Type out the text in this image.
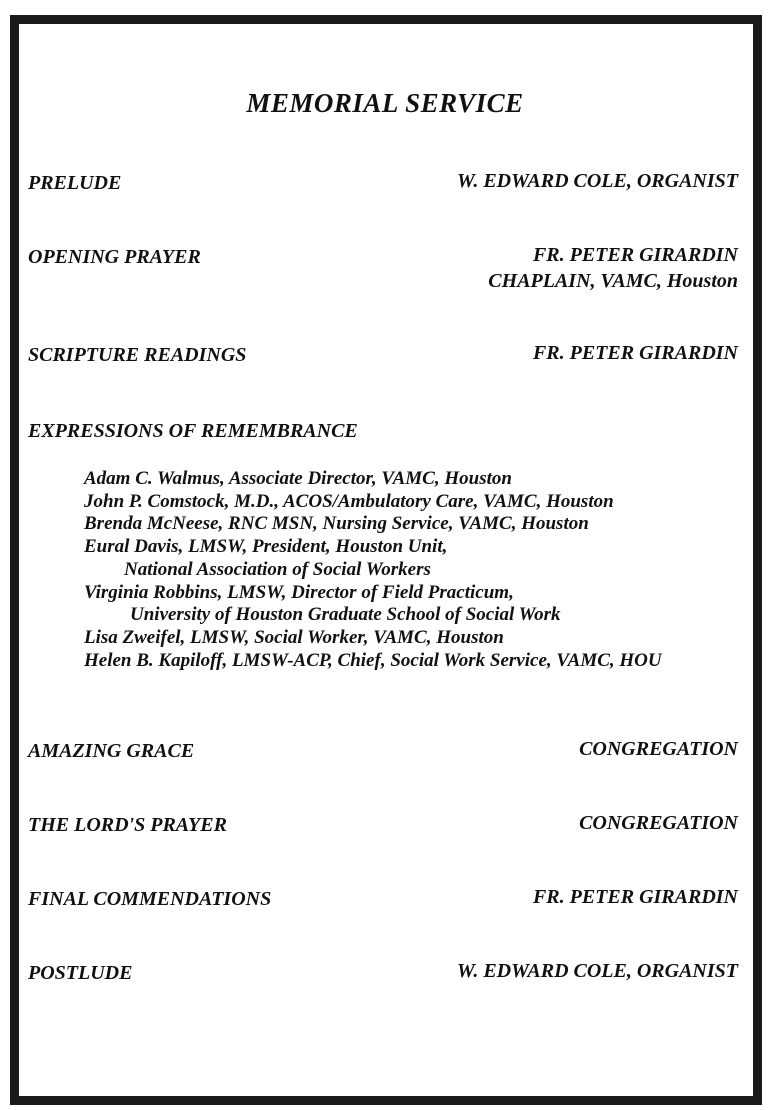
MEMORIAL SERVICE
PRELUDE	W. EDWARD COLE, ORGANIST
OPENING PRAYER	FR. PETER GIRARDIN
CHAPLAIN, VAMC, Houston
SCRIPTURE READINGS	FR. PETER GIRARDIN
EXPRESSIONS OF REMEMBRANCE
Adam C. Walmus, Associate Director, VAMC, Houston
John P. Comstock, M.D., ACOS/Ambulatory Care, VAMC, Houston
Brenda McNeese, RNC MSN, Nursing Service, VAMC, Houston
Eural Davis, LMSW, President, Houston Unit,
National Association of Social Workers
Virginia Robbins, LMSW, Director of Field Practicum,
University of Houston Graduate School of Social Work
Lisa Zweifel, LMSW, Social Worker, VAMC, Houston
Helen B. Kapiloff, LMSW-ACP, Chief, Social Work Service, VAMC, HOU
AMAZING GRACE	CONGREGATION
THE LORD'S PRAYER	CONGREGATION
FINAL COMMENDATIONS	FR. PETER GIRARDIN
POSTLUDE	W. EDWARD COLE, ORGANIST
